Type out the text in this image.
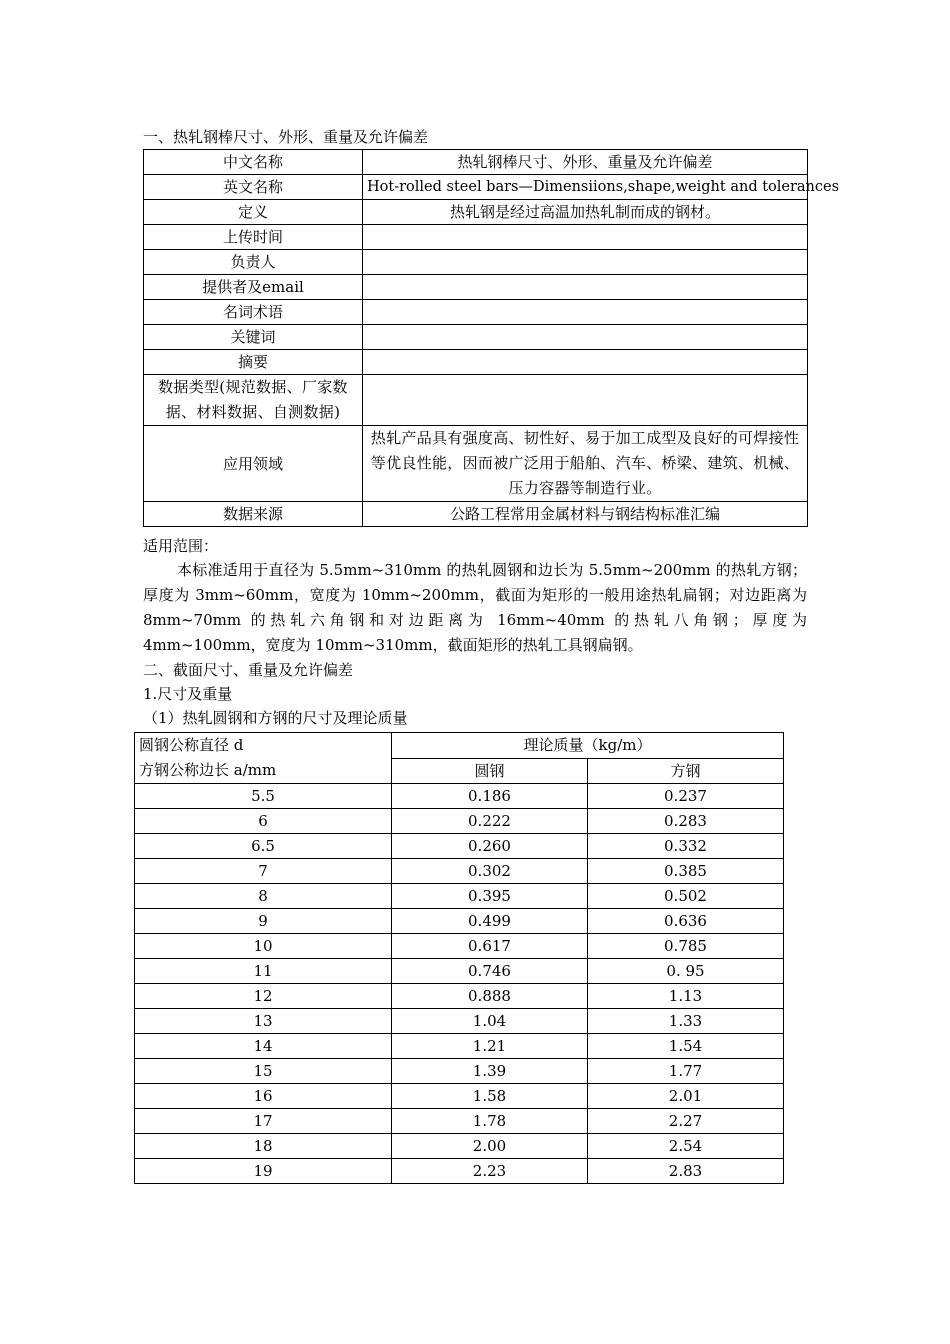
一、热轧钢棒尺寸、外形、重量及允许偏差
中文名称	热轧钢棒尺寸、外形、重量及允许偏差
英文名称	Hot-rolled steel bars—Dimensiions,shape,weight and tolerances
定义	热轧钢是经过高温加热轧制而成的钢材。
上传时间	
负责人	
提供者及email	
名词术语	
关键词	
摘要	
数据类型(规范数据、厂家数据、材料数据、自测数据)	
应用领域	热轧产品具有强度高、韧性好、易于加工成型及良好的可焊接性等优良性能，因而被广泛用于船舶、汽车、桥梁、建筑、机械、压力容器等制造行业。
数据来源	公路工程常用金属材料与钢结构标准汇编
适用范围：
本标准适用于直径为 5.5mm~310mm 的热轧圆钢和边长为 5.5mm~200mm 的热轧方钢；厚度为 3mm~60mm，宽度为 10mm~200mm，截面为矩形的一般用途热轧扁钢；对边距离为 8mm~70mm 的热轧六角钢和对边距离为 16mm~40mm 的热轧八角钢；厚度为 4mm~100mm，宽度为 10mm~310mm，截面矩形的热轧工具钢扁钢。
二、截面尺寸、重量及允许偏差
1.尺寸及重量
（1）热轧圆钢和方钢的尺寸及理论质量
圆钢公称直径 d
方钢公称边长 a/mm	理论质量（kg/m）	
	圆钢	方钢
5.5	0.186	0.237
6	0.222	0.283
6.5	0.260	0.332
7	0.302	0.385
8	0.395	0.502
9	0.499	0.636
10	0.617	0.785
11	0.746	0. 95
12	0.888	1.13
13	1.04	1.33
14	1.21	1.54
15	1.39	1.77
16	1.58	2.01
17	1.78	2.27
18	2.00	2.54
19	2.23	2.83
